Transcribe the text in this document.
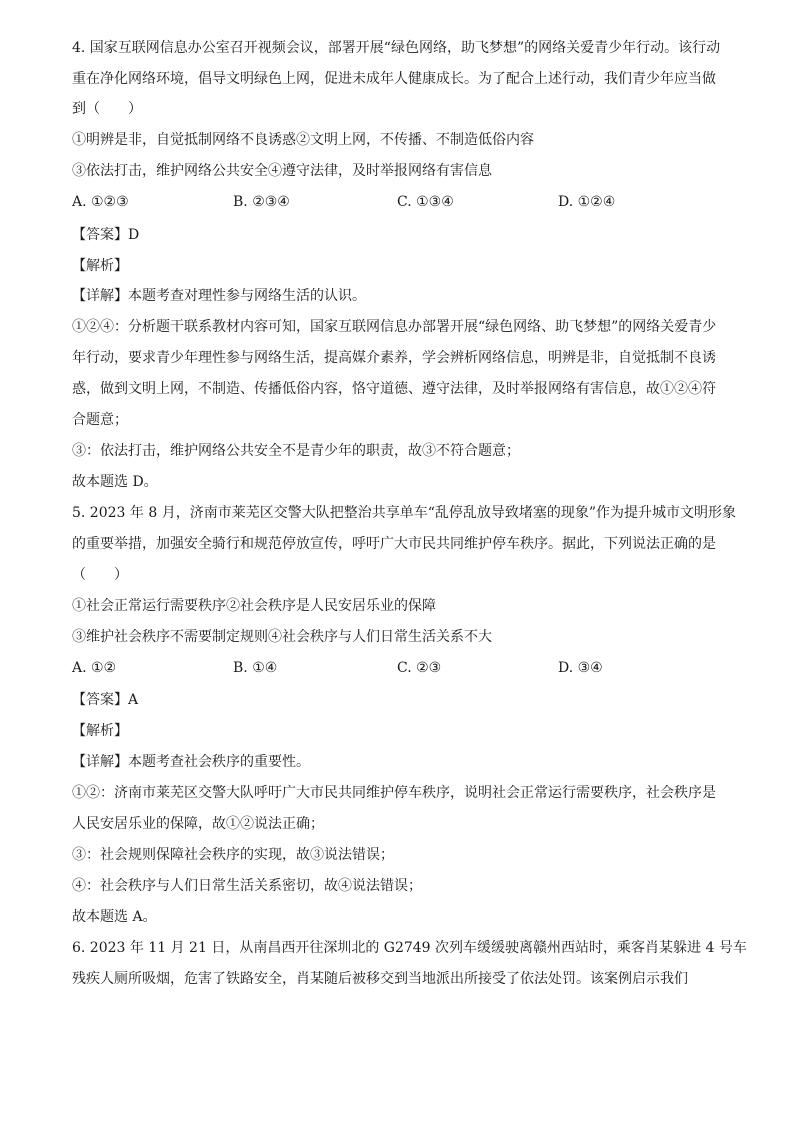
4. 国家互联网信息办公室召开视频会议，部署开展“绿色网络，助飞梦想”的网络关爱青少年行动。该行动
重在净化网络环境，倡导文明绿色上网，促进未成年人健康成长。为了配合上述行动，我们青少年应当做
到（　　）
①明辨是非，自觉抵制网络不良诱惑②文明上网，不传播、不制造低俗内容
③依法打击，维护网络公共安全④遵守法律，及时举报网络有害信息
A. ①②③	B. ②③④	C. ①③④	D. ①②④
【答案】D
【解析】
【详解】本题考查对理性参与网络生活的认识。
①②④：分析题干联系教材内容可知，国家互联网信息办部署开展“绿色网络、助飞梦想”的网络关爱青少
年行动，要求青少年理性参与网络生活，提高媒介素养，学会辨析网络信息，明辨是非，自觉抵制不良诱
惑，做到文明上网，不制造、传播低俗内容，恪守道德、遵守法律，及时举报网络有害信息，故①②④符
合题意；
③：依法打击，维护网络公共安全不是青少年的职责，故③不符合题意；
故本题选 D。
5. 2023 年 8 月，济南市莱芜区交警大队把整治共享单车“乱停乱放导致堵塞的现象”作为提升城市文明形象
的重要举措，加强安全骑行和规范停放宣传，呼吁广大市民共同维护停车秩序。据此，下列说法正确的是
（　　）
①社会正常运行需要秩序②社会秩序是人民安居乐业的保障
③维护社会秩序不需要制定规则④社会秩序与人们日常生活关系不大
A. ①②	B. ①④	C. ②③	D. ③④
【答案】A
【解析】
【详解】本题考查社会秩序的重要性。
①②：济南市莱芜区交警大队呼吁广大市民共同维护停车秩序，说明社会正常运行需要秩序，社会秩序是
人民安居乐业的保障，故①②说法正确；
③：社会规则保障社会秩序的实现，故③说法错误；
④：社会秩序与人们日常生活关系密切，故④说法错误；
故本题选 A。
6. 2023 年 11 月 21 日，从南昌西开往深圳北的 G2749 次列车缓缓驶离赣州西站时，乘客肖某躲进 4 号车
残疾人厕所吸烟，危害了铁路安全，肖某随后被移交到当地派出所接受了依法处罚。该案例启示我们
